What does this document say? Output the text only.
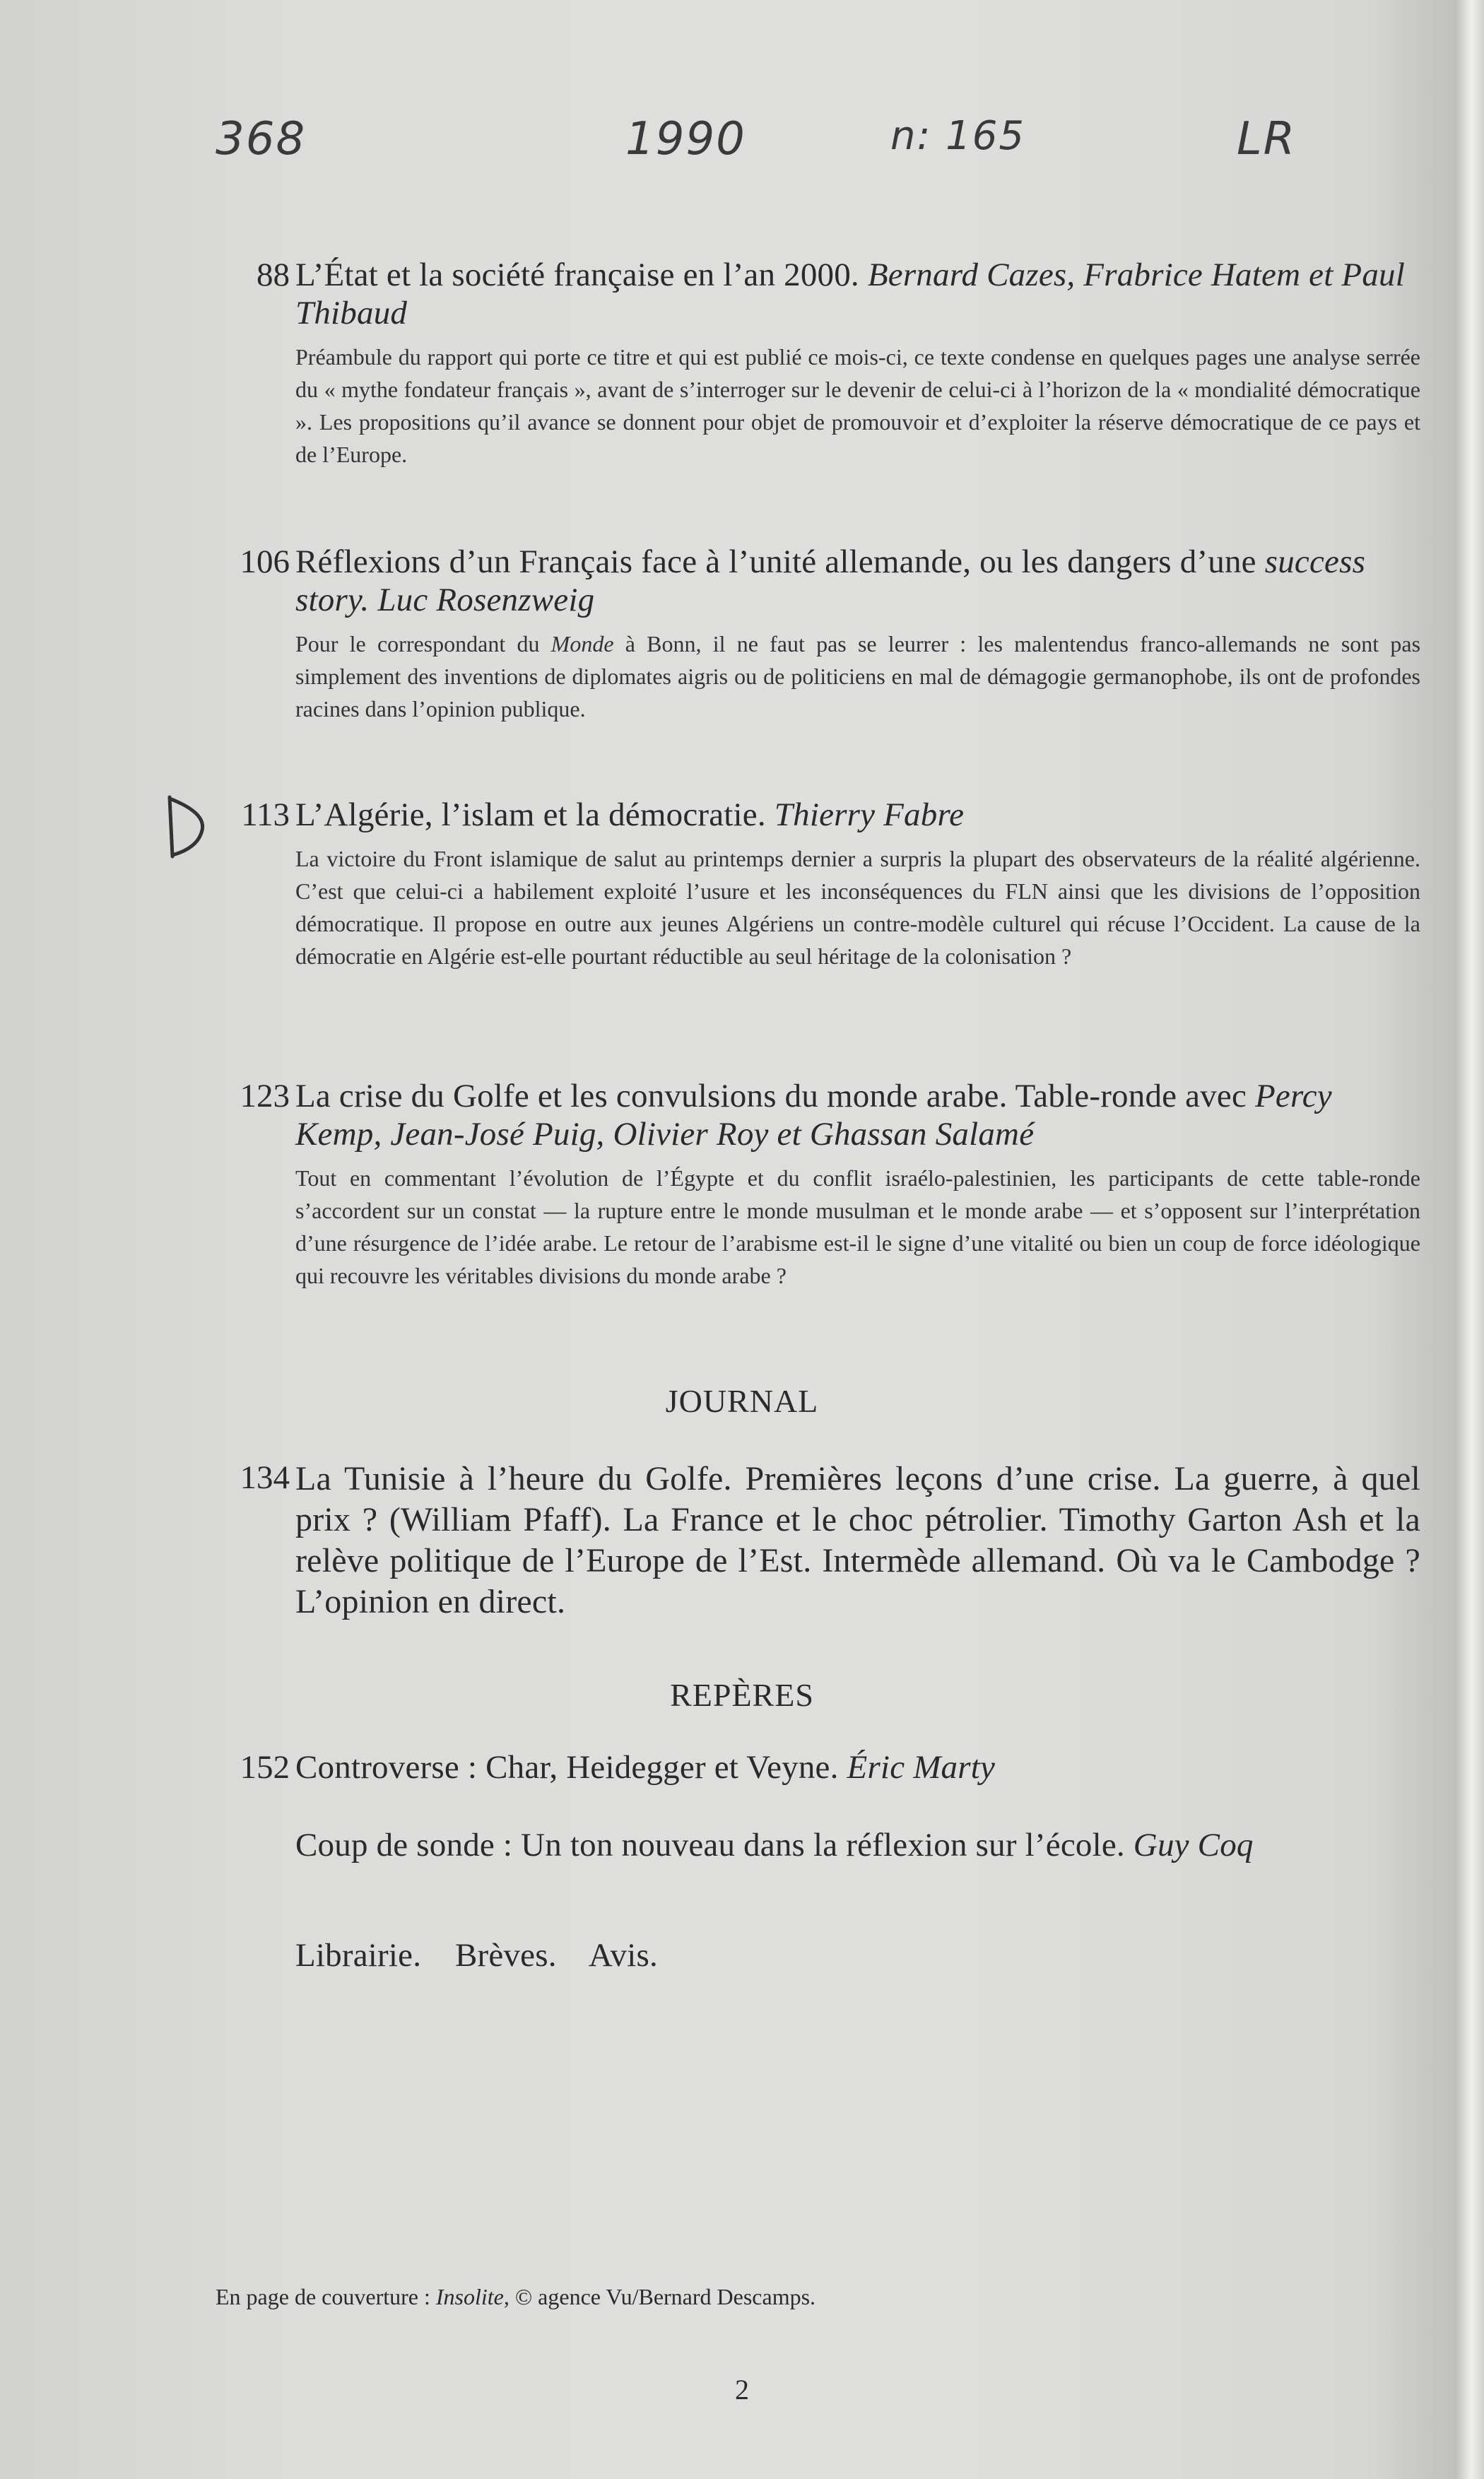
368	1990	n: 165	LR
88 L’État et la société française en l’an 2000. Bernard Cazes, Frabrice Hatem et Paul Thibaud
Préambule du rapport qui porte ce titre et qui est publié ce mois-ci, ce texte condense en quelques pages une analyse serrée du « mythe fondateur français », avant de s’interroger sur le devenir de celui-ci à l’horizon de la « mondialité démocratique ». Les propositions qu’il avance se donnent pour objet de promouvoir et d’exploiter la réserve démocratique de ce pays et de l’Europe.
106 Réflexions d’un Français face à l’unité allemande, ou les dangers d’une success story. Luc Rosenzweig
Pour le correspondant du Monde à Bonn, il ne faut pas se leurrer : les malentendus franco-allemands ne sont pas simplement des inventions de diplomates aigris ou de politiciens en mal de démagogie germanophobe, ils ont de profondes racines dans l’opinion publique.
113 L’Algérie, l’islam et la démocratie. Thierry Fabre
La victoire du Front islamique de salut au printemps dernier a surpris la plupart des observateurs de la réalité algérienne. C’est que celui-ci a habilement exploité l’usure et les inconséquences du FLN ainsi que les divisions de l’opposition démocratique. Il propose en outre aux jeunes Algériens un contre-modèle culturel qui récuse l’Occident. La cause de la démocratie en Algérie est-elle pourtant réductible au seul héritage de la colonisation ?
123 La crise du Golfe et les convulsions du monde arabe. Table-ronde avec Percy Kemp, Jean-José Puig, Olivier Roy et Ghassan Salamé
Tout en commentant l’évolution de l’Égypte et du conflit israélo-palestinien, les participants de cette table-ronde s’accordent sur un constat — la rupture entre le monde musulman et le monde arabe — et s’opposent sur l’interprétation d’une résurgence de l’idée arabe. Le retour de l’arabisme est-il le signe d’une vitalité ou bien un coup de force idéologique qui recouvre les véritables divisions du monde arabe ?
JOURNAL
134 La Tunisie à l’heure du Golfe. Premières leçons d’une crise. La guerre, à quel prix ? (William Pfaff). La France et le choc pétrolier. Timothy Garton Ash et la relève politique de l’Europe de l’Est. Intermède allemand. Où va le Cambodge ? L’opinion en direct.
REPÈRES
152 Controverse : Char, Heidegger et Veyne. Éric Marty
Coup de sonde : Un ton nouveau dans la réflexion sur l’école. Guy Coq
Librairie. Brèves. Avis.
En page de couverture : Insolite, © agence Vu/Bernard Descamps.
2
